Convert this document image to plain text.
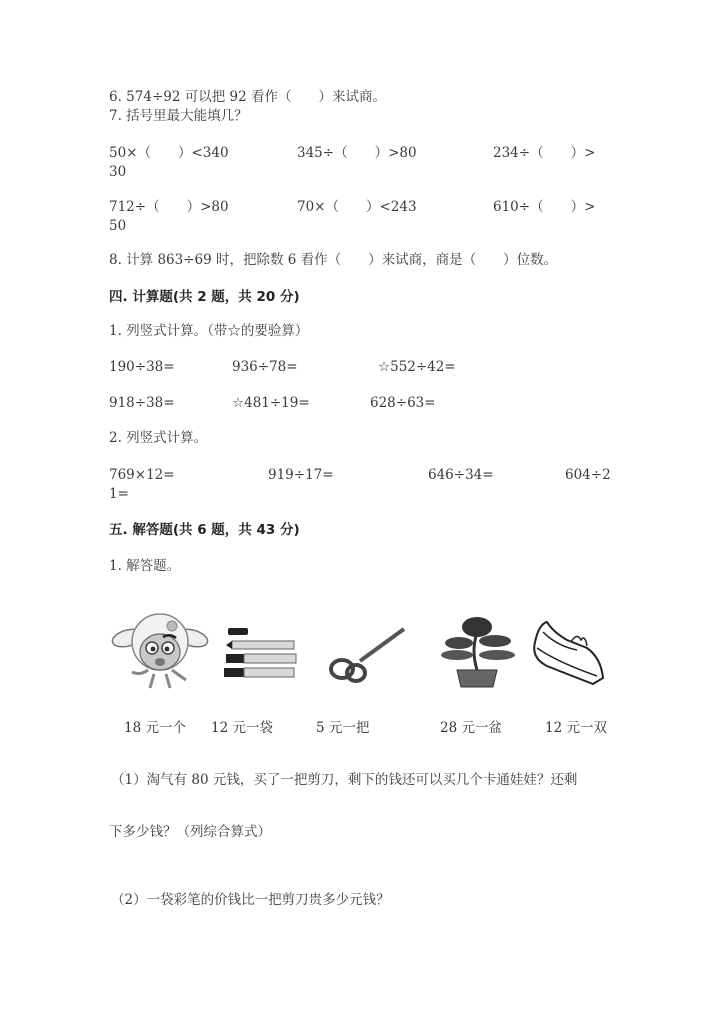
6. 574÷92 可以把 92 看作（　　）来试商。
7. 括号里最大能填几？
50×（　　）<340	345÷（　　）>80	234÷（　　）>
30
712÷（　　）>80	70×（　　）<243	610÷（　　）>
50
8. 计算 863÷69 时，把除数 6 看作（　　）来试商，商是（　　）位数。
四. 计算题(共 2 题，共 20 分)
1. 列竖式计算。（带☆的要验算）
190÷38=	936÷78=	☆552÷42=
918÷38=	☆481÷19=	628÷63=
2. 列竖式计算。
769×12=	919÷17=	646÷34=	604÷2
1=
五. 解答题(共 6 题，共 43 分)
1. 解答题。
18 元一个 12 元一袋	5 元一把	28 元一盆	12 元一双
（1）淘气有 80 元钱，买了一把剪刀，剩下的钱还可以买几个卡通娃娃？还剩
下多少钱？（列综合算式）
（2）一袋彩笔的价钱比一把剪刀贵多少元钱？
